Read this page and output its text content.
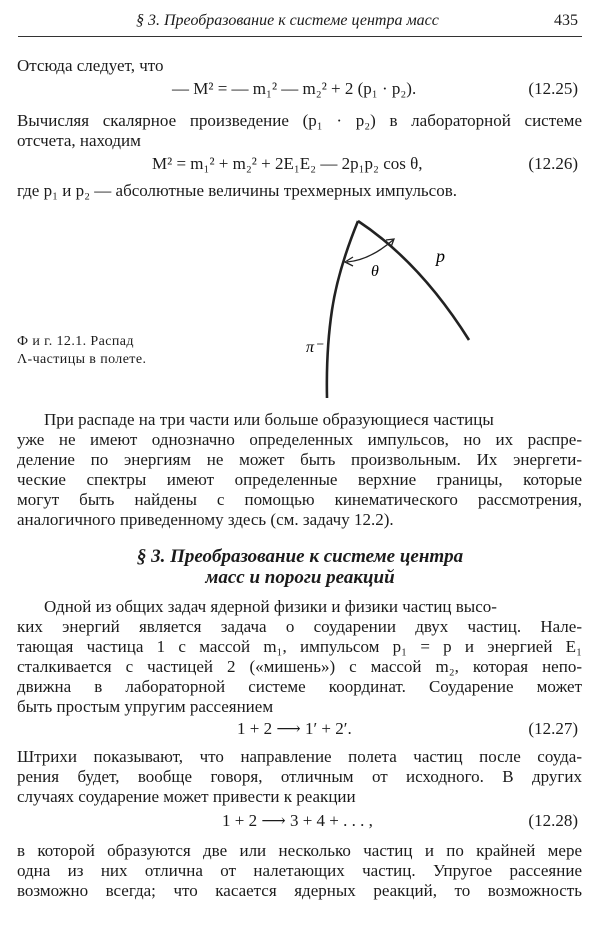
§ 3. Преобразование к системе центра масс	435
Отсюда следует, что
— M² = — m₁² — m₂² + 2 (p₁ · p₂).	(12.25)
Вычисляя скалярное произведение (p₁ · p₂) в лабораторной системе
отсчета, находим
M² = m₁² + m₂² + 2E₁E₂ — 2p₁p₂ cos θ,	(12.26)
где p₁ и p₂ — абсолютные величины трехмерных импульсов.
θ
p
π⁻
Ф и г. 12.1. Распад
Λ-частицы в полете.
При распаде на три части или больше образующиеся частицы
уже не имеют однозначно определенных импульсов, но их распре-
деление по энергиям не может быть произвольным. Их энергети-
ческие спектры имеют определенные верхние границы, которые
могут быть найдены с помощью кинематического рассмотрения,
аналогичного приведенному здесь (см. задачу 12.2).
§ 3. Преобразование к системе центра
масс и пороги реакций
Одной из общих задач ядерной физики и физики частиц высо-
ких энергий является задача о соударении двух частиц. Нале-
тающая частица 1 с массой m₁, импульсом p₁ = p и энергией E₁
сталкивается с частицей 2 («мишень») с массой m₂, которая непо-
движна в лабораторной системе координат. Соударение может
быть простым упругим рассеянием
1 + 2 ⟶ 1′ + 2′.	(12.27)
Штрихи показывают, что направление полета частиц после соуда-
рения будет, вообще говоря, отличным от исходного. В других
случаях соударение может привести к реакции
1 + 2 ⟶ 3 + 4 + . . . ,	(12.28)
в которой образуются две или несколько частиц и по крайней мере
одна из них отлична от налетающих частиц. Упругое рассеяние
возможно всегда; что касается ядерных реакций, то возможность
